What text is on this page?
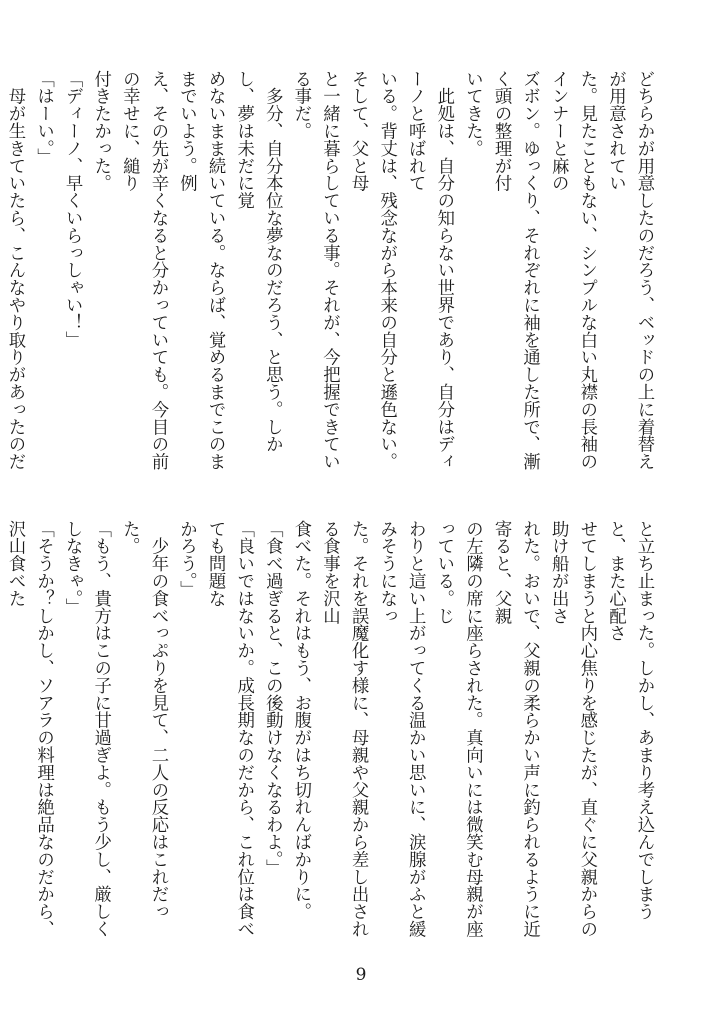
どちらかが用意したのだろう、ベッドの上に着替えが用意されてい

た。見たこともない、シンプルな白い丸襟の長袖のインナーと麻の

ズボン。ゆっくり、それぞれに袖を通した所で、漸く頭の整理が付

いてきた。

　此処は、自分の知らない世界であり、自分はディーノと呼ばれて

いる。背丈は、残念ながら本来の自分と遜色ない。そして、父と母

と一緒に暮らしている事。それが、今把握できている事だ。

　多分、自分本位な夢なのだろう、と思う。しかし、夢は未だに覚

めないまま続いている。ならば、覚めるまでこのままでいよう。例

え、その先が辛くなると分かっていても。今目の前の幸せに、縋り

付きたかった。

「ディーノ、早くいらっしゃい！」

「はーい。」

　母が生きていたら、こんなやり取りがあったのだ

と立ち止まった。しかし、あまり考え込んでしまうと、また心配さ

せてしまうと内心焦りを感じたが、直ぐに父親からの助け船が出さ

れた。おいで、父親の柔らかい声に釣られるように近寄ると、父親

の左隣の席に座らされた。真向いには微笑む母親が座っている。じ

わりと這い上がってくる温かい思いに、涙腺がふと緩みそうになっ

た。それを誤魔化す様に、母親や父親から差し出される食事を沢山

食べた。それはもう、お腹がはち切れんばかりに。

「食べ過ぎると、この後動けなくなるわよ。」

「良いではないか。成長期なのだから、これ位は食べても問題な

かろう。」

　少年の食べっぷりを見て、二人の反応はこれだった。

「もう、貴方はこの子に甘過ぎよ。もう少し、厳しくしなきゃ。」

「そうか？しかし、ソアラの料理は絶品なのだから、沢山食べた

9
